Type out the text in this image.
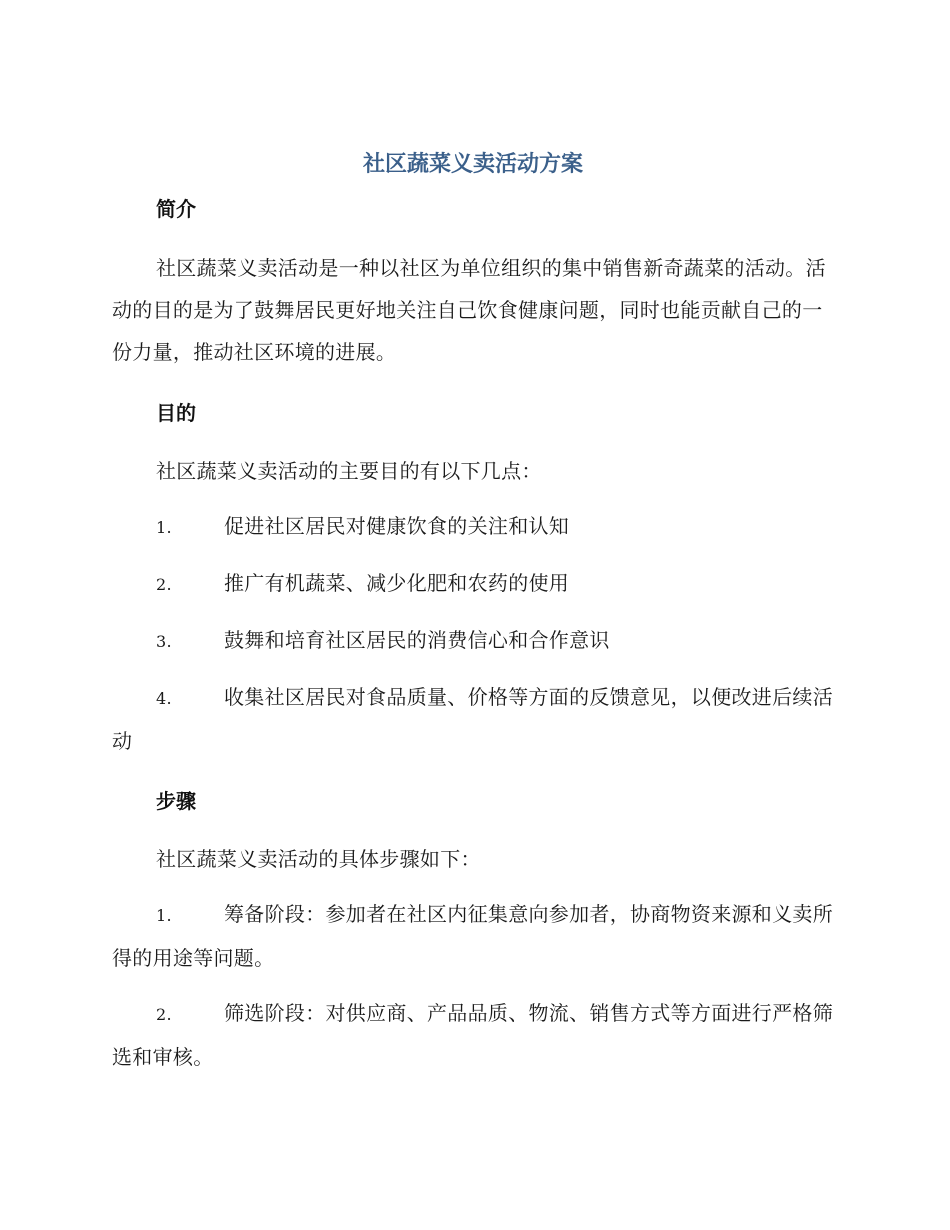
社区蔬菜义卖活动方案
简介

社区蔬菜义卖活动是一种以社区为单位组织的集中销售新奇蔬菜的活动。活动的目的是为了鼓舞居民更好地关注自己饮食健康问题，同时也能贡献自己的一份力量，推动社区环境的进展。

目的

社区蔬菜义卖活动的主要目的有以下几点：

1.	促进社区居民对健康饮食的关注和认知

2.	推广有机蔬菜、减少化肥和农药的使用

3.	鼓舞和培育社区居民的消费信心和合作意识

4.	收集社区居民对食品质量、价格等方面的反馈意见，以便改进后续活动

步骤

社区蔬菜义卖活动的具体步骤如下：

1.	筹备阶段：参加者在社区内征集意向参加者，协商物资来源和义卖所得的用途等问题。

2.	筛选阶段：对供应商、产品品质、物流、销售方式等方面进行严格筛选和审核。
